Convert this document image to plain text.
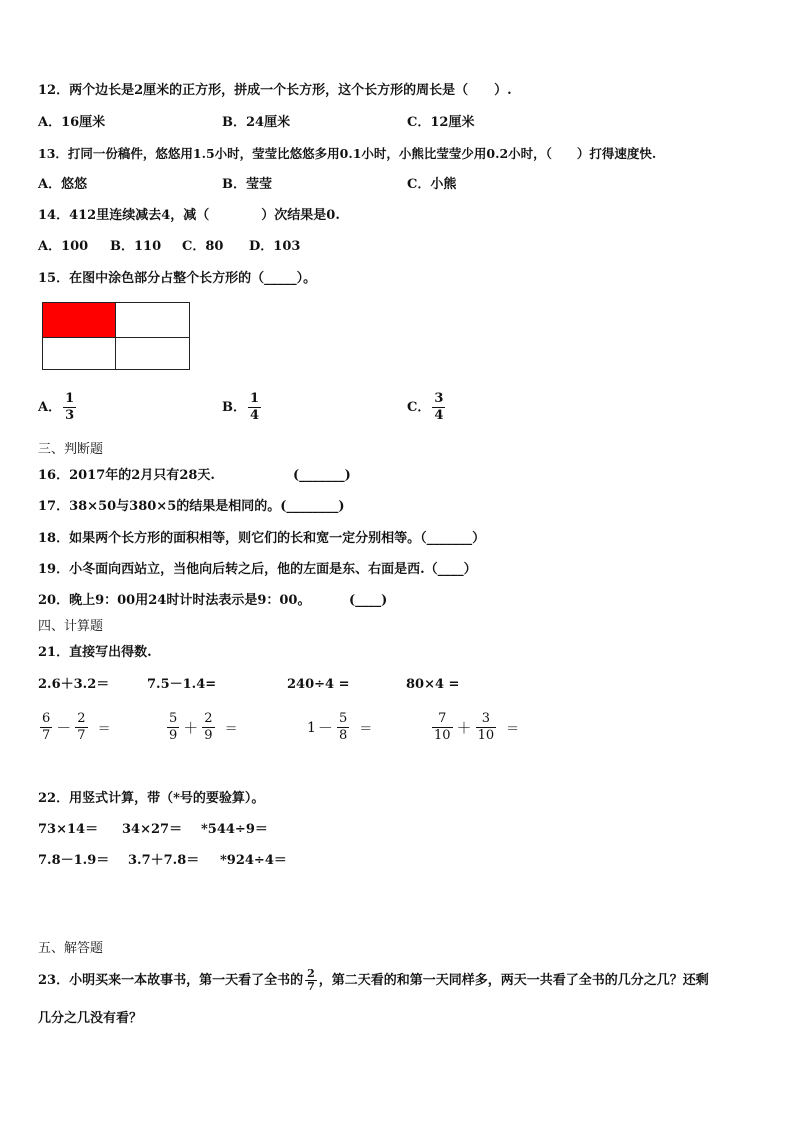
12．两个边长是2厘米的正方形，拼成一个长方形，这个长方形的周长是（　　）.
A．16厘米	B．24厘米	C．12厘米
13．打同一份稿件，悠悠用1.5小时，莹莹比悠悠多用0.1小时，小熊比莹莹少用0.2小时，（　　）打得速度快.
A．悠悠	B．莹莹	C．小熊
14．412里连续减去4，减（　　　　）次结果是0.
A．100 B．110 C．80 D．103
15．在图中涂色部分占整个长方形的（_____）。
A． $\frac{1}{3}$	B． $\frac{1}{4}$	C． $\frac{3}{4}$
三、判断题
16．2017年的2月只有28天.	(_______)
17．38×50与380×5的结果是相同的。(________)
18．如果两个长方形的面积相等，则它们的长和宽一定分别相等。（_______）
19．小冬面向西站立，当他向后转之后，他的左面是东、右面是西.（____）
20．晚上9：00用24时计时法表示是9：00。	(____)
四、计算题
21．直接写出得数.
2.6＋3.2＝	7.5－1.4=	240÷4 =	80×4 =
$\frac{6}{7} - \frac{2}{7}$ ＝	$\frac{5}{9} + \frac{2}{9}$ ＝	$1 - \frac{5}{8}$ ＝	$\frac{7}{10} + \frac{3}{10}$ ＝
22．用竖式计算，带（*号的要验算）。
73×14＝ 34×27＝ *544÷9＝
7.8－1.9＝ 3.7＋7.8＝ *924÷4＝
五、解答题
23．小明买来一本故事书，第一天看了全书的 $\frac{2}{7}$ ，第二天看的和第一天同样多，两天一共看了全书的几分之几？还剩
几分之几没有看？
